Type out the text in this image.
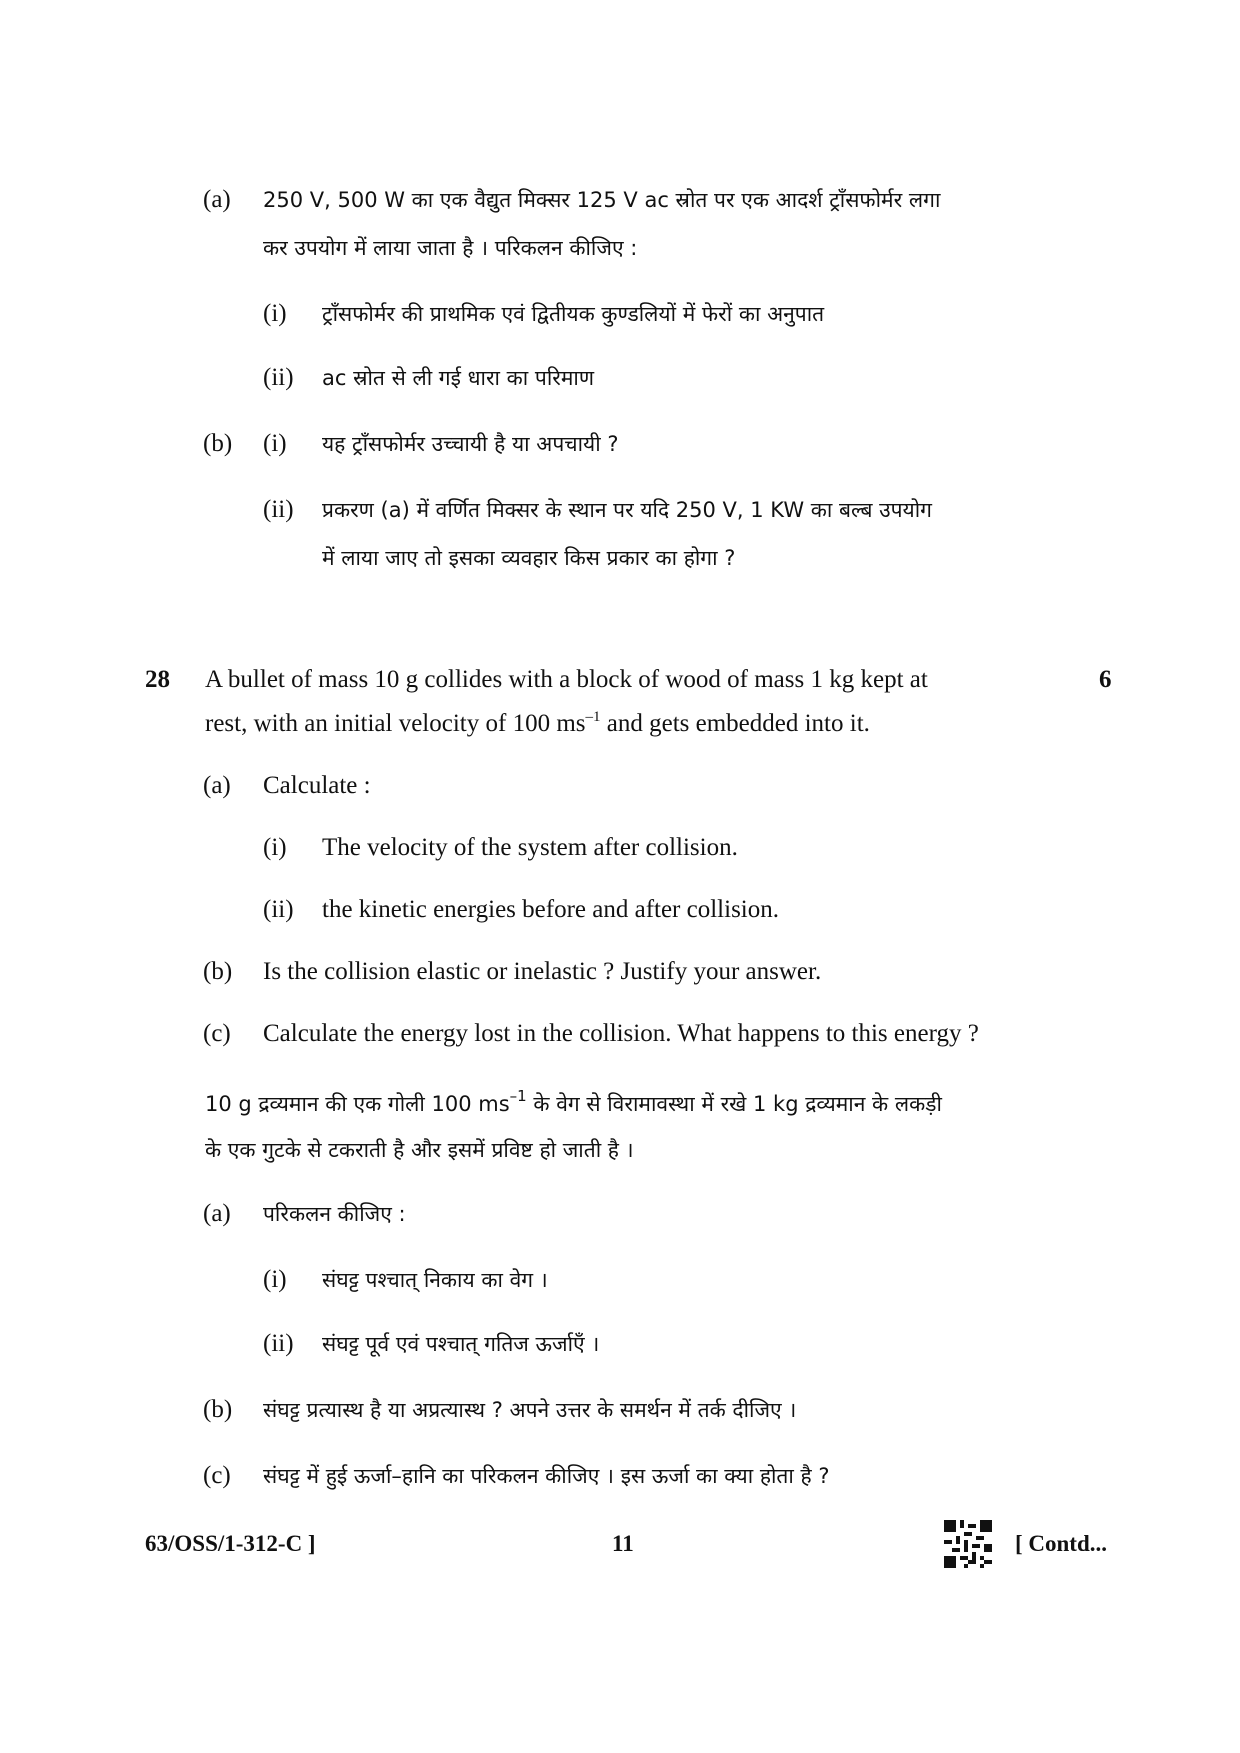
(a) 250 V, 500 W का एक वैद्युत मिक्सर 125 V ac स्रोत पर एक आदर्श ट्राँसफोर्मर लगा
कर उपयोग में लाया जाता है । परिकलन कीजिए :
(i) ट्राँसफोर्मर की प्राथमिक एवं द्वितीयक कुण्डलियों में फेरों का अनुपात
(ii) ac स्रोत से ली गई धारा का परिमाण
(b) (i) यह ट्राँसफोर्मर उच्चायी है या अपचायी ?
(ii) प्रकरण (a) में वर्णित मिक्सर के स्थान पर यदि 250 V, 1 KW का बल्ब उपयोग
में लाया जाए तो इसका व्यवहार किस प्रकार का होगा ?
28 A bullet of mass 10 g collides with a block of wood of mass 1 kg kept at	6
rest, with an initial velocity of 100 $ms^{-1}$ and gets embedded into it.
(a) Calculate :
(i) The velocity of the system after collision.
(ii) the kinetic energies before and after collision.
(b) Is the collision elastic or inelastic ? Justify your answer.
(c) Calculate the energy lost in the collision. What happens to this energy ?
10 g द्रव्यमान की एक गोली 100 $ms^{-1}$ के वेग से विरामावस्था में रखे 1 kg द्रव्यमान के लकड़ी
के एक गुटके से टकराती है और इसमें प्रविष्ट हो जाती है ।
(a) परिकलन कीजिए :
(i) संघट्ट पश्चात् निकाय का वेग ।
(ii) संघट्ट पूर्व एवं पश्चात् गतिज ऊर्जाएँ ।
(b) संघट्ट प्रत्यास्थ है या अप्रत्यास्थ ? अपने उत्तर के समर्थन में तर्क दीजिए ।
(c) संघट्ट में हुई ऊर्जा–हानि का परिकलन कीजिए । इस ऊर्जा का क्या होता है ?
63/OSS/1-312-C ]	11	[ Contd...
